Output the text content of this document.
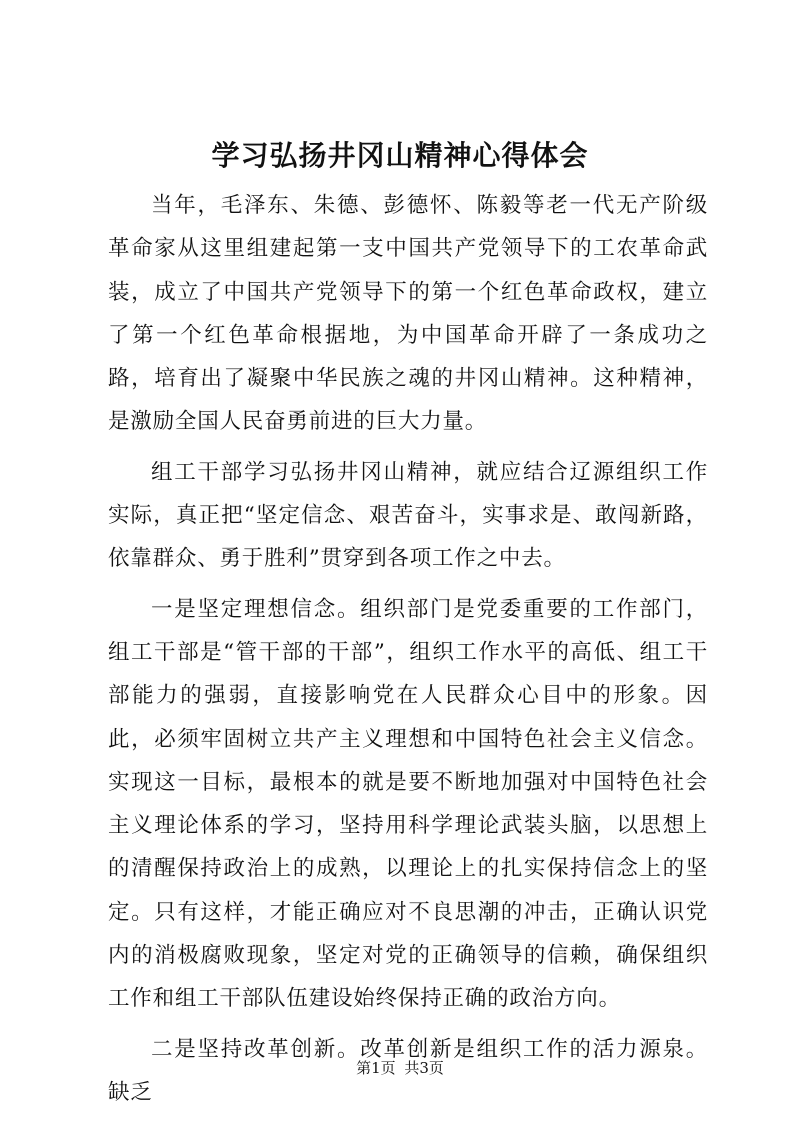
学习弘扬井冈山精神心得体会

当年，毛泽东、朱德、彭德怀、陈毅等老一代无产阶级革命家从这里组建起第一支中国共产党领导下的工农革命武装，成立了中国共产党领导下的第一个红色革命政权，建立了第一个红色革命根据地，为中国革命开辟了一条成功之路，培育出了凝聚中华民族之魂的井冈山精神。这种精神，是激励全国人民奋勇前进的巨大力量。

组工干部学习弘扬井冈山精神，就应结合辽源组织工作实际，真正把“坚定信念、艰苦奋斗，实事求是、敢闯新路，依靠群众、勇于胜利”贯穿到各项工作之中去。

一是坚定理想信念。组织部门是党委重要的工作部门，组工干部是“管干部的干部”，组织工作水平的高低、组工干部能力的强弱，直接影响党在人民群众心目中的形象。因此，必须牢固树立共产主义理想和中国特色社会主义信念。实现这一目标，最根本的就是要不断地加强对中国特色社会主义理论体系的学习，坚持用科学理论武装头脑，以思想上的清醒保持政治上的成熟，以理论上的扎实保持信念上的坚定。只有这样，才能正确应对不良思潮的冲击，正确认识党内的消极腐败现象，坚定对党的正确领导的信赖，确保组织工作和组工干部队伍建设始终保持正确的政治方向。

二是坚持改革创新。改革创新是组织工作的活力源泉。缺乏

第1页 共3页
